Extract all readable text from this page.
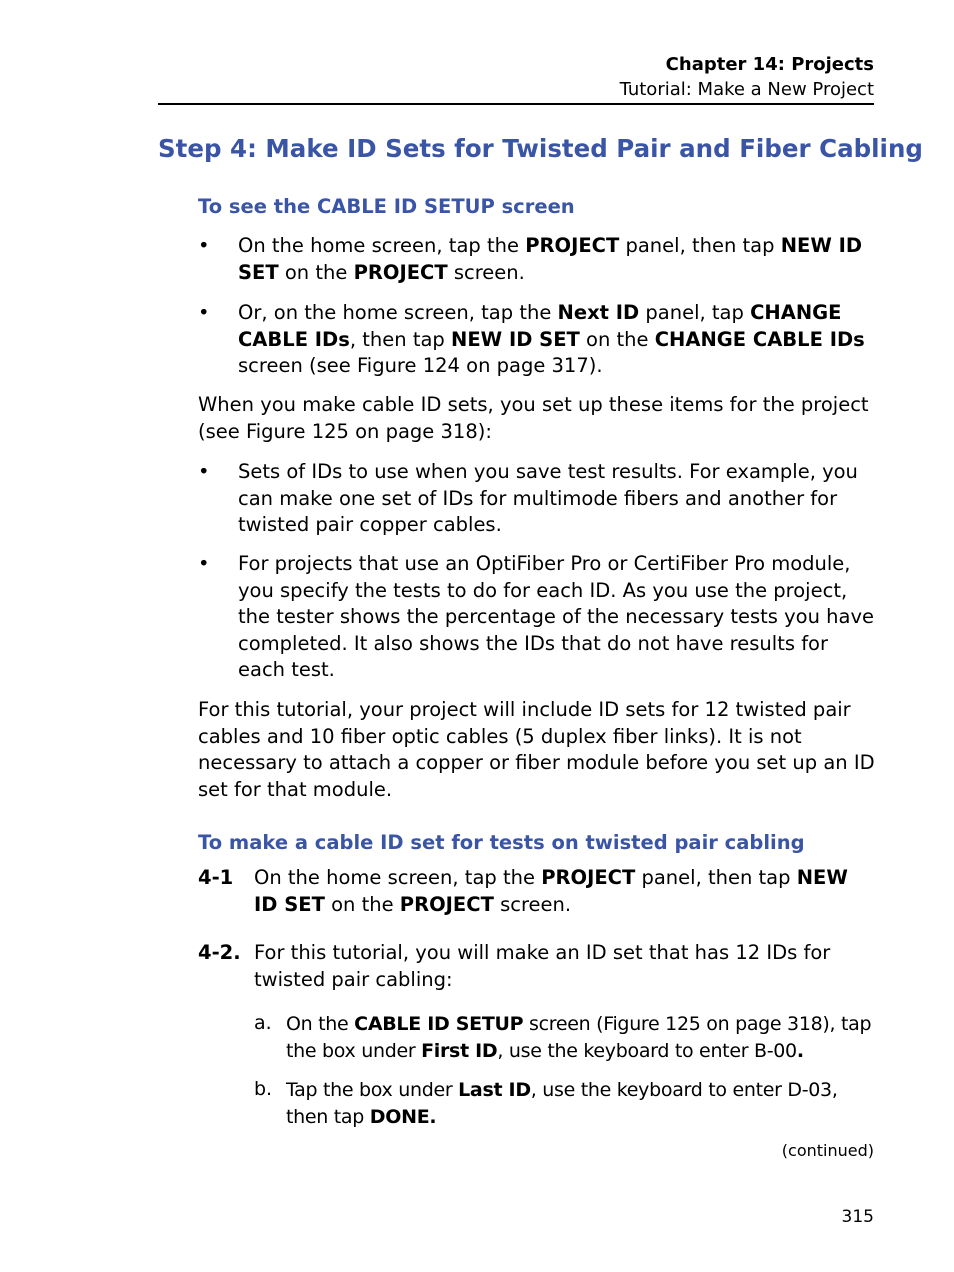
Chapter 14: Projects
Tutorial: Make a New Project
Step 4: Make ID Sets for Twisted Pair and Fiber Cabling
To see the CABLE ID SETUP screen
• On the home screen, tap the PROJECT panel, then tap NEW ID SET on the PROJECT screen.
• Or, on the home screen, tap the Next ID panel, tap CHANGE CABLE IDs, then tap NEW ID SET on the CHANGE CABLE IDs screen (see Figure 124 on page 317).
When you make cable ID sets, you set up these items for the project (see Figure 125 on page 318):
• Sets of IDs to use when you save test results. For example, you can make one set of IDs for multimode fibers and another for twisted pair copper cables.
• For projects that use an OptiFiber Pro or CertiFiber Pro module, you specify the tests to do for each ID. As you use the project, the tester shows the percentage of the necessary tests you have completed. It also shows the IDs that do not have results for each test.
For this tutorial, your project will include ID sets for 12 twisted pair cables and 10 fiber optic cables (5 duplex fiber links). It is not necessary to attach a copper or fiber module before you set up an ID set for that module.
To make a cable ID set for tests on twisted pair cabling
4-1 On the home screen, tap the PROJECT panel, then tap NEW ID SET on the PROJECT screen.
4-2. For this tutorial, you will make an ID set that has 12 IDs for twisted pair cabling:
a. On the CABLE ID SETUP screen (Figure 125 on page 318), tap the box under First ID, use the keyboard to enter B-00.
b. Tap the box under Last ID, use the keyboard to enter D-03, then tap DONE.
(continued)
315
